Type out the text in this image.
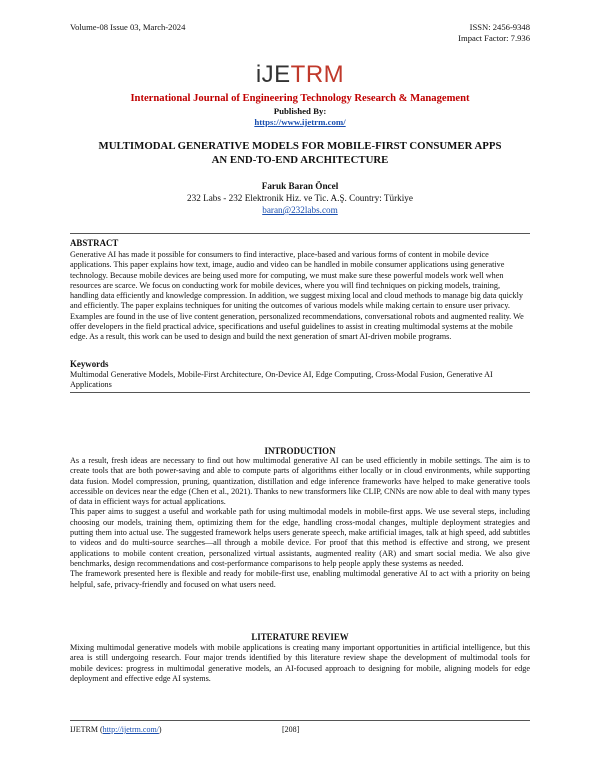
Volume-08 Issue 03, March-2024	ISSN: 2456-9348
Impact Factor: 7.936
iJETRM
International Journal of Engineering Technology Research & Management
Published By:
https://www.ijetrm.com/
MULTIMODAL GENERATIVE MODELS FOR MOBILE-FIRST CONSUMER APPS
AN END-TO-END ARCHITECTURE
Faruk Baran Öncel
232 Labs - 232 Elektronik Hiz. ve Tic. A.Ş. Country: Türkiye
baran@232labs.com
ABSTRACT
Generative AI has made it possible for consumers to find interactive, place-based and various forms of content in mobile device applications. This paper explains how text, image, audio and video can be handled in mobile consumer applications using generative technology. Because mobile devices are being used more for computing, we must make sure these powerful models work well when resources are scarce. We focus on conducting work for mobile devices, where you will find techniques on picking models, training, handling data efficiently and knowledge compression. In addition, we suggest mixing local and cloud methods to manage big data quickly and efficiently. The paper explains techniques for uniting the outcomes of various models while making certain to ensure user privacy. Examples are found in the use of live content generation, personalized recommendations, conversational robots and augmented reality. We offer developers in the field practical advice, specifications and useful guidelines to assist in creating multimodal systems at the mobile edge. As a result, this work can be used to design and build the next generation of smart AI-driven mobile programs.
Keywords
Multimodal Generative Models, Mobile-First Architecture, On-Device AI, Edge Computing, Cross-Modal Fusion, Generative AI Applications
INTRODUCTION

As a result, fresh ideas are necessary to find out how multimodal generative AI can be used efficiently in mobile settings. The aim is to create tools that are both power-saving and able to compute parts of algorithms either locally or in cloud environments, while supporting data fusion. Model compression, pruning, quantization, distillation and edge inference frameworks have helped to make generative tools accessible on devices near the edge (Chen et al., 2021). Thanks to new transformers like CLIP, CNNs are now able to deal with many types of data in efficient ways for actual applications.

This paper aims to suggest a useful and workable path for using multimodal models in mobile-first apps. We use several steps, including choosing our models, training them, optimizing them for the edge, handling cross-modal changes, multiple deployment strategies and putting them into actual use. The suggested framework helps users generate speech, make artificial images, talk at high speed, add subtitles to videos and do multi-source searches—all through a mobile device. For proof that this method is effective and strong, we present applications to mobile content creation, personalized virtual assistants, augmented reality (AR) and smart social media. We also give benchmarks, design recommendations and cost-performance comparisons to help people apply these systems as needed.

The framework presented here is flexible and ready for mobile-first use, enabling multimodal generative AI to act with a priority on being helpful, safe, privacy-friendly and focused on what users need.

LITERATURE REVIEW

Mixing multimodal generative models with mobile applications is creating many important opportunities in artificial intelligence, but this area is still undergoing research. Four major trends identified by this literature review shape the development of multimodal tools for mobile devices: progress in multimodal generative models, an AI-focused approach to designing for mobile, aligning models for edge deployment and effective edge AI systems.

IJETRM (http://ijetrm.com/)	[208]
